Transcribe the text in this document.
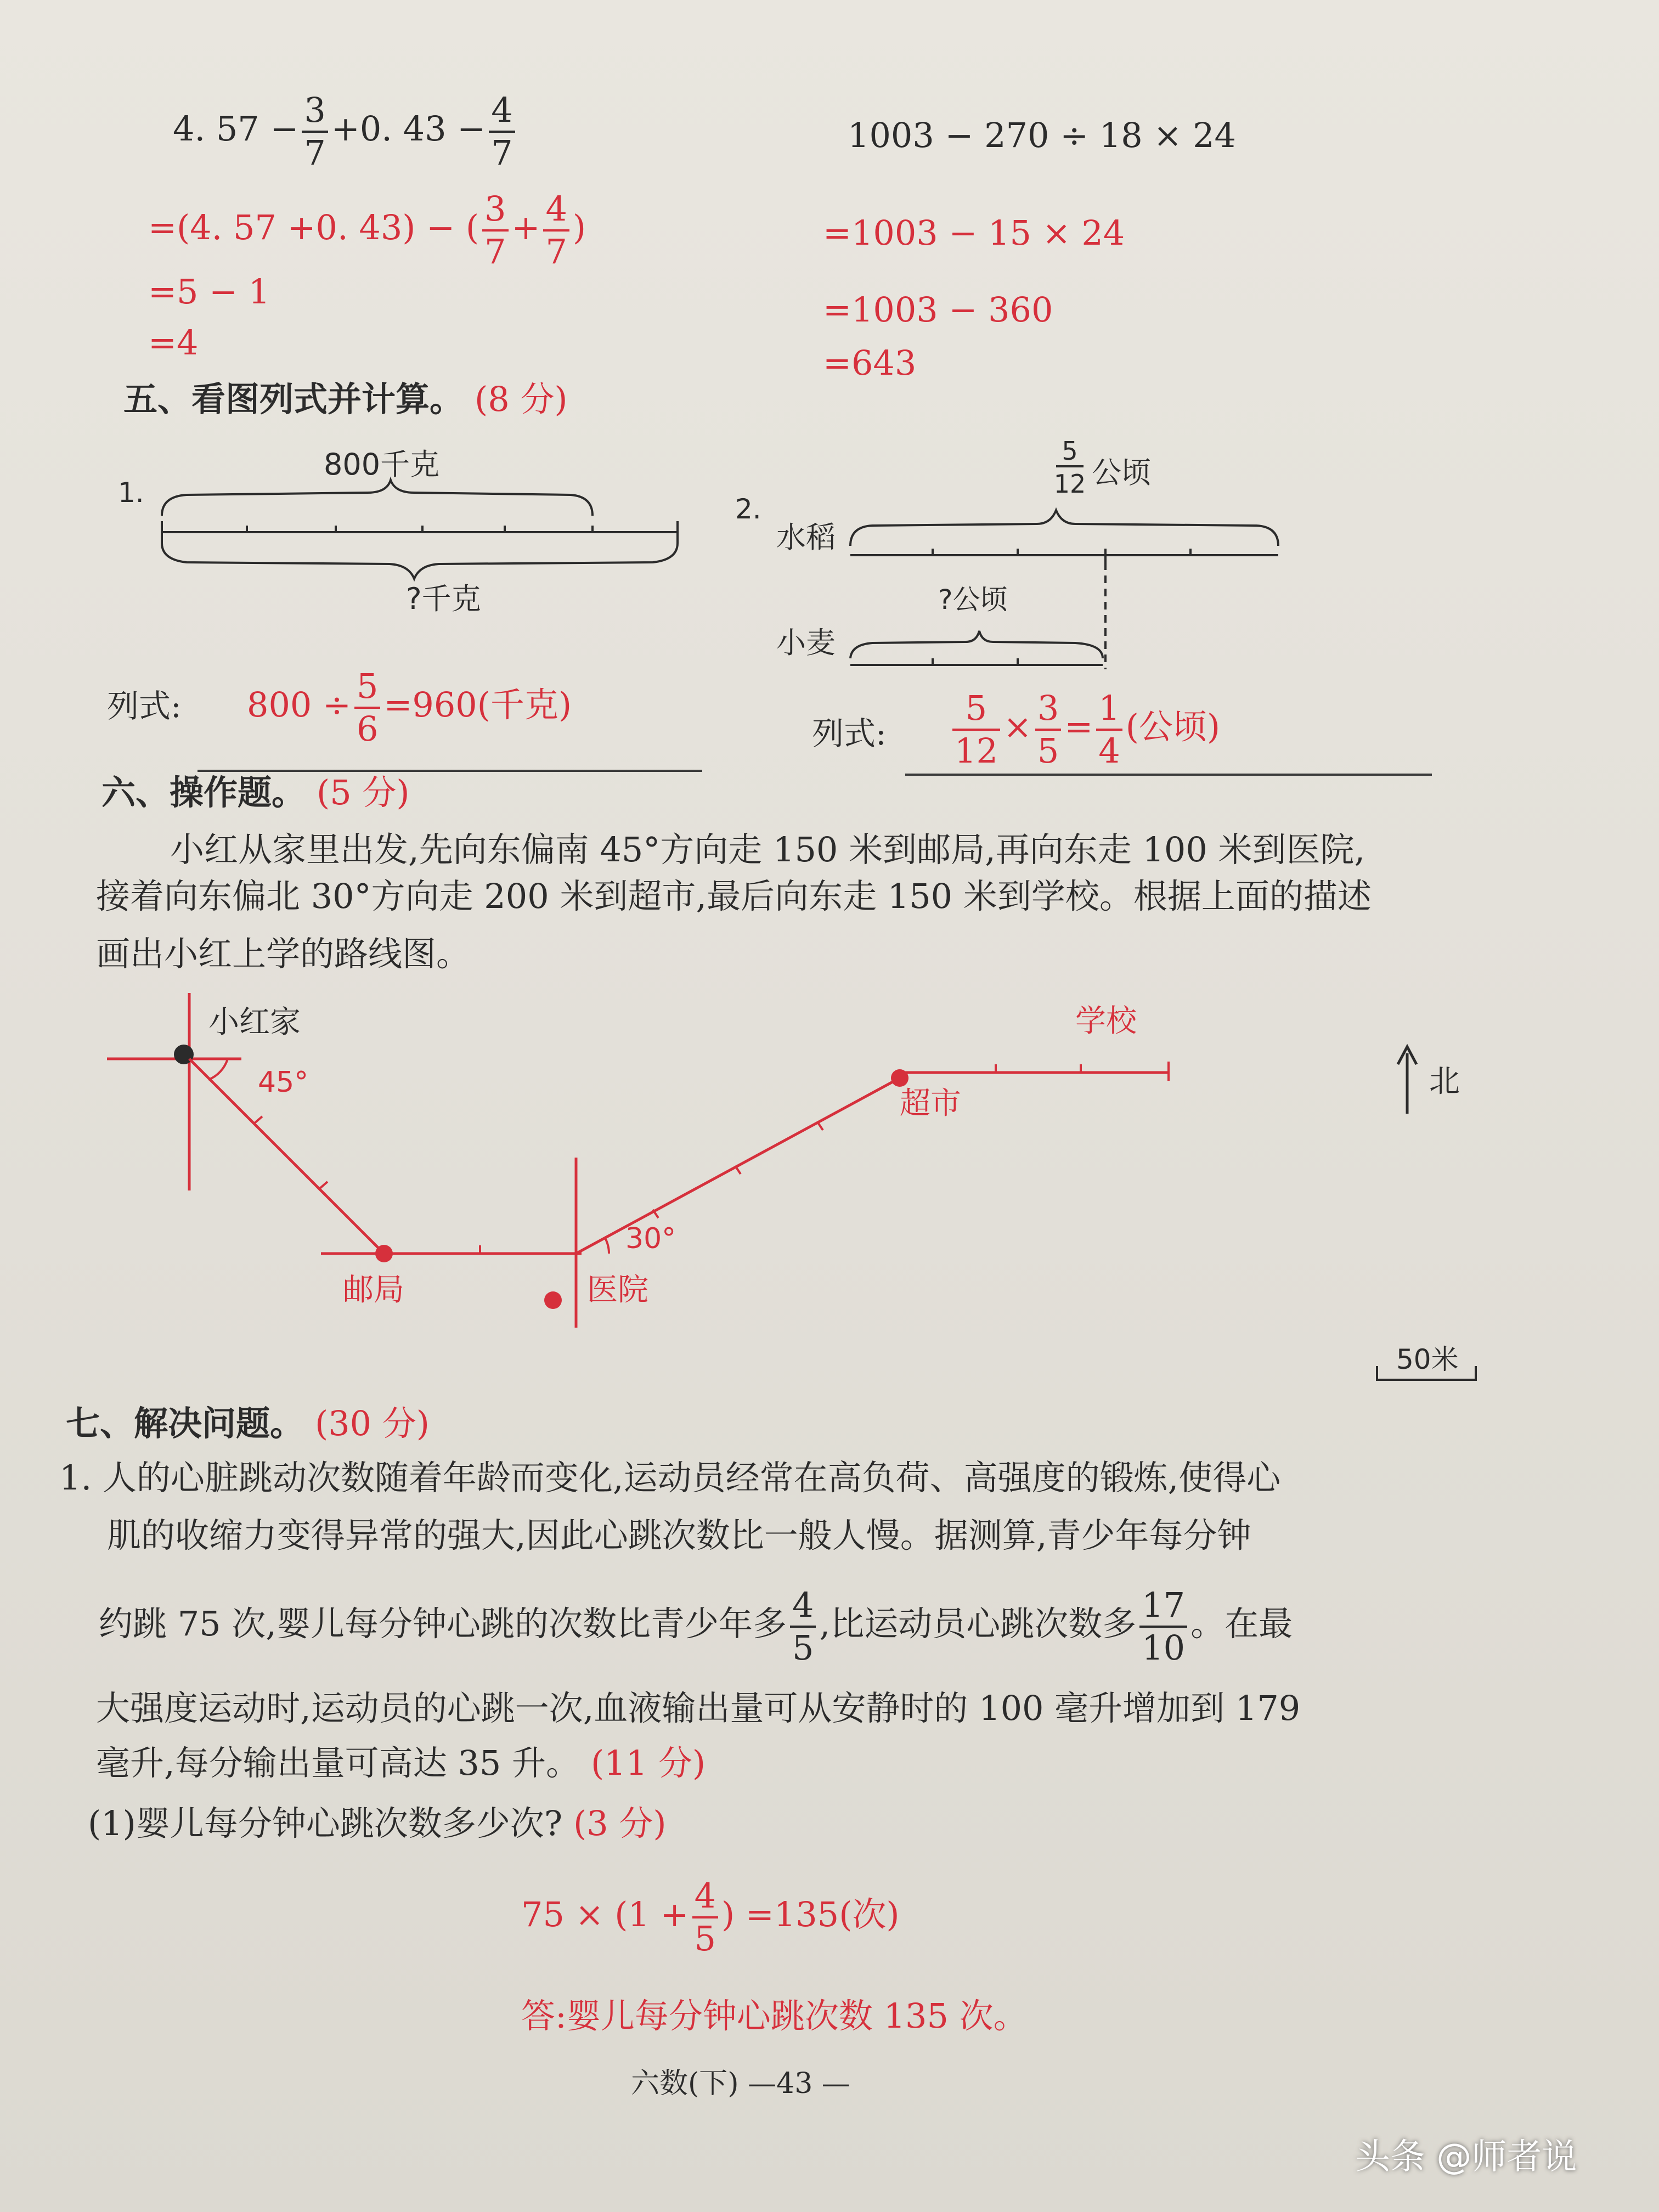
4. $57 - \frac{3}{7} +0$. $43 - \frac{4}{7}$
=(4. 57 +0. 43) − ( $\frac{3}{7} + \frac{4}{7}$ )
=5 − 1
=4
1003 − 270 ÷ 18 × 24
=1003 − 15 × 24
=1003 − 360
=643
五、看图列式并计算。 (8 分)
1.
800千克
?千克
2.
5
12 公顷
水稻
?公顷
小麦
列式: $800 \div \frac{5}{6} =960$(千克)
列式: $\frac{5}{12} \times \frac{3}{5} = \frac{1}{4}$ (公顷)
六、操作题。 (5 分)
小红从家里出发,先向东偏南 45°方向走 150 米到邮局,再向东走 100 米到医院,
接着向东偏北 30°方向走 200 米到超市,最后向东走 150 米到学校。根据上面的描述
画出小红上学的路线图。
小红家
45°
邮局	医院
30°
超市
学校
北
50米
七、解决问题。 (30 分)
1. 人的心脏跳动次数随着年龄而变化,运动员经常在高负荷、高强度的锻炼,使得心
肌的收缩力变得异常的强大,因此心跳次数比一般人慢。据测算,青少年每分钟
约跳 75 次,婴儿每分钟心跳的次数比青少年多 $\frac{4}{5}$ ,比运动员心跳次数多 $\frac{17}{10}$ 。在最
大强度运动时,运动员的心跳一次,血液输出量可从安静时的 100 毫升增加到 179
毫升,每分输出量可高达 35 升。 (11 分)
(1)婴儿每分钟心跳次数多少次? (3 分)
$75 \times (1 + \frac{4}{5}$ ) =135(次)
答:婴儿每分钟心跳次数 135 次。
六数(下) —43 —
头条 @师者说
